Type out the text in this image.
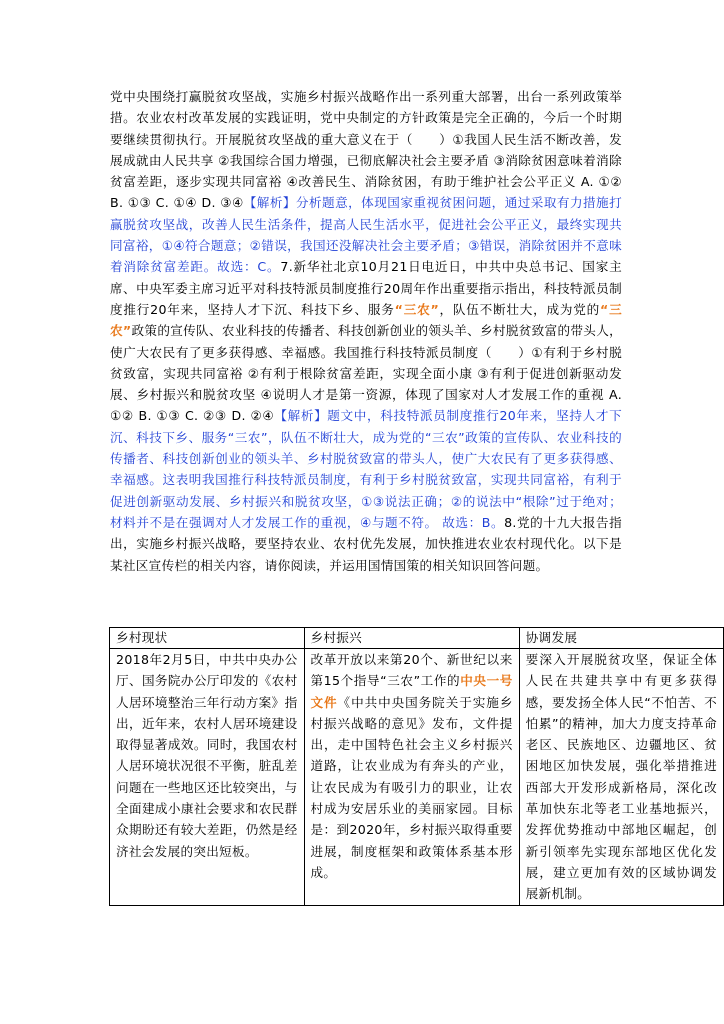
党中央围绕打赢脱贫攻坚战，实施乡村振兴战略作出一系列重大部署，出台一系列政策举措。农业农村改革发展的实践证明，党中央制定的方针政策是完全正确的，今后一个时期要继续贯彻执行。开展脱贫攻坚战的重大意义在于（　　）①我国人民生活不断改善，发展成就由人民共享 ②我国综合国力增强，已彻底解决社会主要矛盾 ③消除贫困意味着消除贫富差距，逐步实现共同富裕 ④改善民生、消除贫困，有助于维护社会公平正义 A. ①② B. ①③ C. ①④ D. ③④【解析】分析题意，体现国家重视贫困问题，通过采取有力措施打赢脱贫攻坚战，改善人民生活条件，提高人民生活水平，促进社会公平正义，最终实现共同富裕，①④符合题意；②错误，我国还没解决社会主要矛盾；③错误，消除贫困并不意味着消除贫富差距。故选：C。7.新华社北京10月21日电近日，中共中央总书记、国家主席、中央军委主席习近平对科技特派员制度推行20周年作出重要指示指出，科技特派员制度推行20年来，坚持人才下沉、科技下乡、服务“三农”，队伍不断壮大，成为党的“三农”政策的宣传队、农业科技的传播者、科技创新创业的领头羊、乡村脱贫致富的带头人，使广大农民有了更多获得感、幸福感。我国推行科技特派员制度（　　）①有利于乡村脱贫致富，实现共同富裕 ②有利于根除贫富差距，实现全面小康 ③有利于促进创新驱动发展、乡村振兴和脱贫攻坚 ④说明人才是第一资源，体现了国家对人才发展工作的重视 A. ①② B. ①③ C. ②③ D. ②④【解析】题文中，科技特派员制度推行20年来，坚持人才下沉、科技下乡、服务“三农”，队伍不断壮大，成为党的“三农”政策的宣传队、农业科技的传播者、科技创新创业的领头羊、乡村脱贫致富的带头人，使广大农民有了更多获得感、幸福感。这表明我国推行科技特派员制度，有利于乡村脱贫致富，实现共同富裕，有利于促进创新驱动发展、乡村振兴和脱贫攻坚，①③说法正确；②的说法中“根除”过于绝对；材料并不是在强调对人才发展工作的重视，④与题不符。 故选：B。8.党的十九大报告指出，实施乡村振兴战略，要坚持农业、农村优先发展，加快推进农业农村现代化。以下是某社区宣传栏的相关内容，请你阅读，并运用国情国策的相关知识回答问题。
乡村现状	乡村振兴	协调发展
2018年2月5日，中共中央办公厅、国务院办公厅印发的《农村人居环境整治三年行动方案》指出，近年来，农村人居环境建设取得显著成效。同时，我国农村人居环境状况很不平衡，脏乱差问题在一些地区还比较突出，与全面建成小康社会要求和农民群众期盼还有较大差距，仍然是经济社会发展的突出短板。	改革开放以来第20个、新世纪以来第15个指导“三农”工作的中央一号文件《中共中央国务院关于实施乡村振兴战略的意见》发布，文件提出，走中国特色社会主义乡村振兴道路，让农业成为有奔头的产业，让农民成为有吸引力的职业，让农村成为安居乐业的美丽家园。目标是：到2020年，乡村振兴取得重要进展，制度框架和政策体系基本形成。	要深入开展脱贫攻坚，保证全体人民在共建共享中有更多获得感，要发扬全体人民“不怕苦、不怕累”的精神，加大力度支持革命老区、民族地区、边疆地区、贫困地区加快发展，强化举措推进西部大开发形成新格局，深化改革加快东北等老工业基地振兴，发挥优势推动中部地区崛起，创新引领率先实现东部地区优化发展，建立更加有效的区域协调发展新机制。
